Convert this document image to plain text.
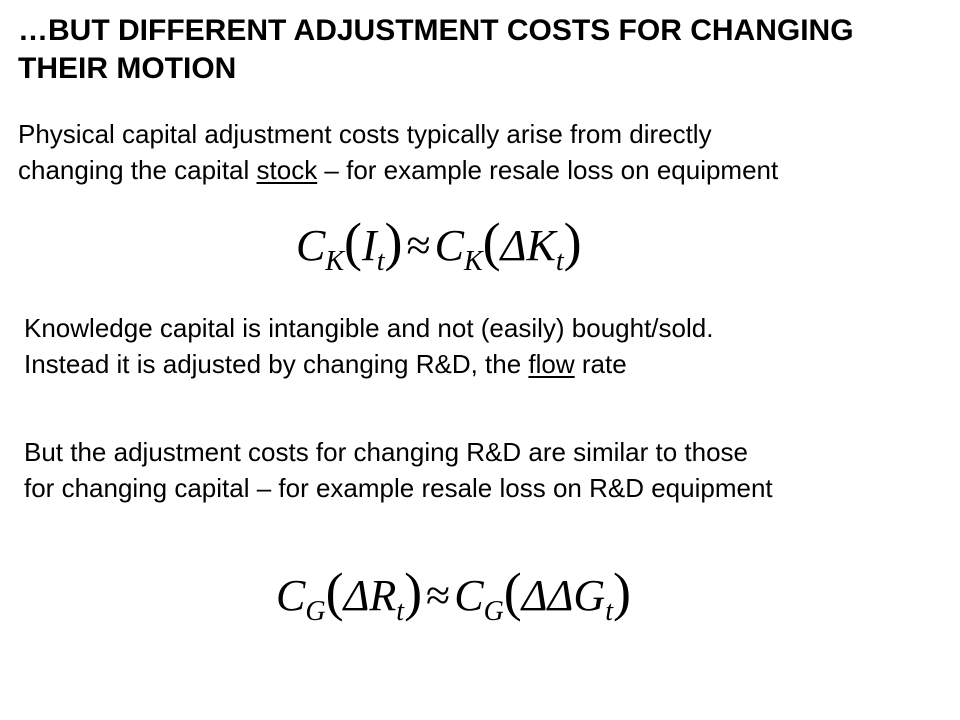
…BUT DIFFERENT ADJUSTMENT COSTS FOR CHANGING THEIR MOTION

Physical capital adjustment costs typically arise from directly
changing the capital stock – for example resale loss on equipment

$C_K(I_t)\approx C_K(\Delta K_t)$

Knowledge capital is intangible and not (easily) bought/sold.
Instead it is adjusted by changing R&D, the flow rate

But the adjustment costs for changing R&D are similar to those
for changing capital – for example resale loss on R&D equipment

$C_G(\Delta R_t)\approx C_G(\Delta\Delta G_t)$
